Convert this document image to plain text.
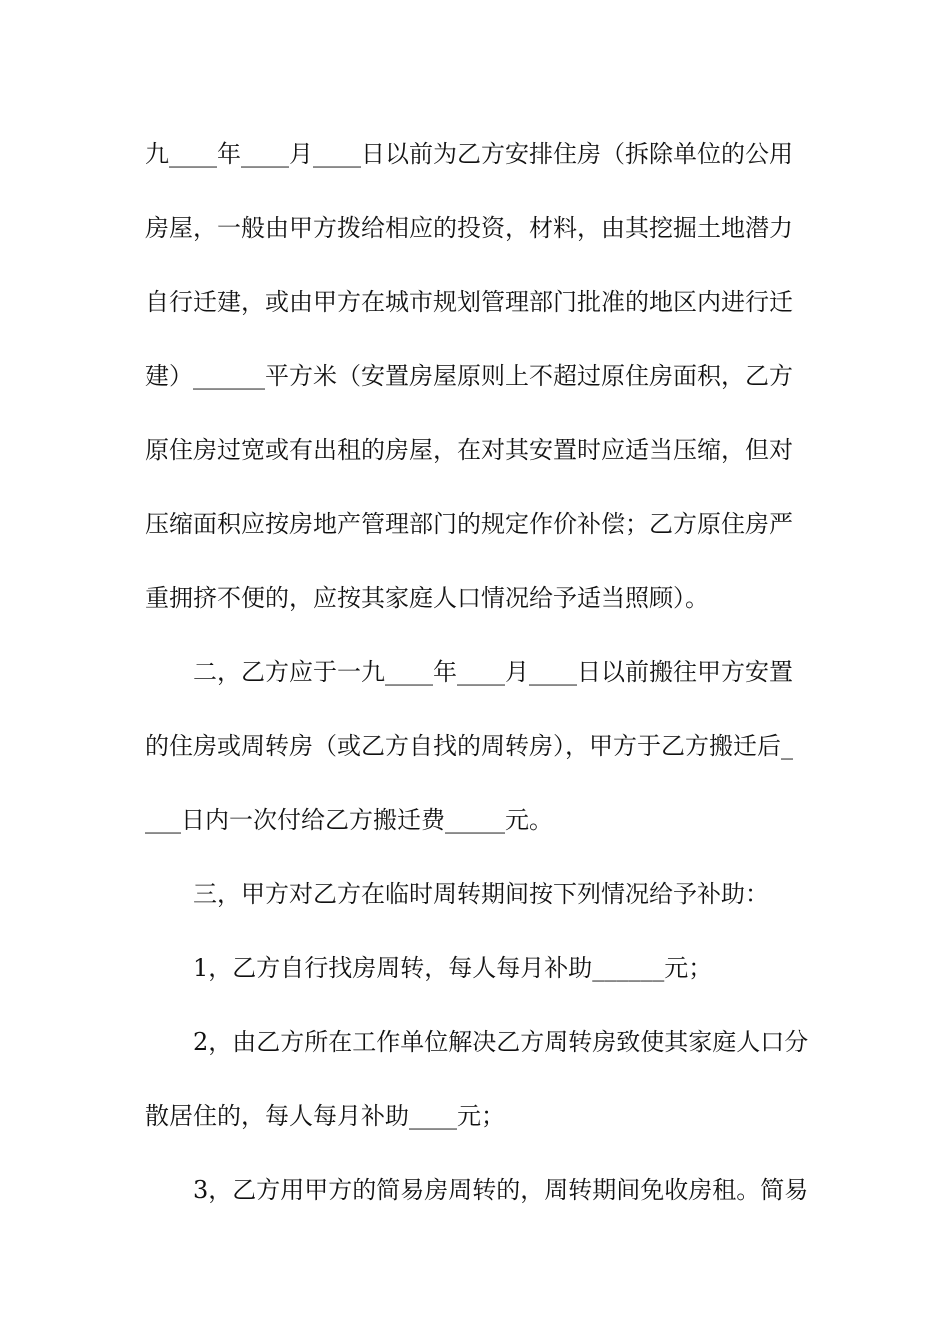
九____年____月____日以前为乙方安排住房（拆除单位的公用
房屋，一般由甲方拨给相应的投资，材料，由其挖掘土地潜力
自行迁建，或由甲方在城市规划管理部门批准的地区内进行迁
建）______平方米（安置房屋原则上不超过原住房面积，乙方
原住房过宽或有出租的房屋，在对其安置时应适当压缩，但对
压缩面积应按房地产管理部门的规定作价补偿；乙方原住房严
重拥挤不便的，应按其家庭人口情况给予适当照顾）。
　　二，乙方应于一九____年____月____日以前搬往甲方安置
的住房或周转房（或乙方自找的周转房），甲方于乙方搬迁后_
___日内一次付给乙方搬迁费_____元。
　　三，甲方对乙方在临时周转期间按下列情况给予补助：
　　1，乙方自行找房周转，每人每月补助______元；
　　2，由乙方所在工作单位解决乙方周转房致使其家庭人口分
散居住的，每人每月补助____元；
　　3，乙方用甲方的简易房周转的，周转期间免收房租。简易
